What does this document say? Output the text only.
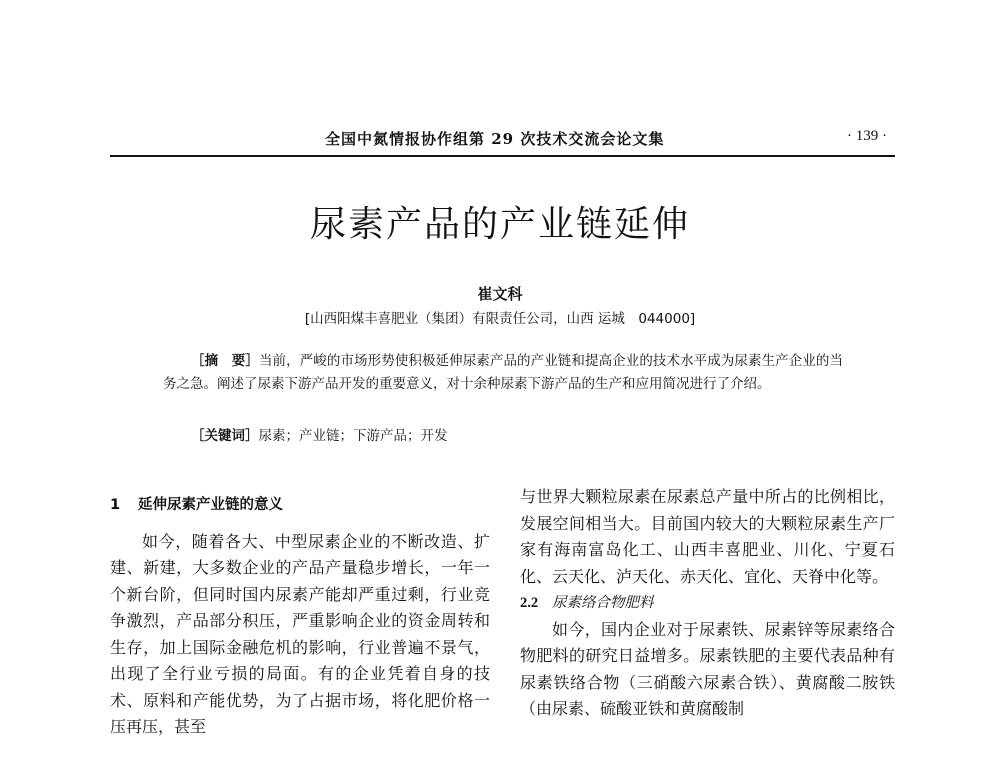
全国中氮情报协作组第 29 次技术交流会论文集	· 139 ·
尿素产品的产业链延伸
崔文科
[山西阳煤丰喜肥业（集团）有限责任公司，山西 运城　044000]
［摘　要］当前，严峻的市场形势使积极延伸尿素产品的产业链和提高企业的技术水平成为尿素生产企业的当务之急。阐述了尿素下游产品开发的重要意义，对十余种尿素下游产品的生产和应用简况进行了介绍。
［关键词］尿素；产业链；下游产品；开发

1 延伸尿素产业链的意义

如今，随着各大、中型尿素企业的不断改造、扩建、新建，大多数企业的产品产量稳步增长，一年一个新台阶，但同时国内尿素产能却严重过剩，行业竞争激烈，产品部分积压，严重影响企业的资金周转和生存，加上国际金融危机的影响，行业普遍不景气，出现了全行业亏损的局面。有的企业凭着自身的技术、原料和产能优势，为了占据市场，将化肥价格一压再压，甚至

与世界大颗粒尿素在尿素总产量中所占的比例相比，发展空间相当大。目前国内较大的大颗粒尿素生产厂家有海南富岛化工、山西丰喜肥业、川化、宁夏石化、云天化、泸天化、赤天化、宜化、天脊中化等。

2.2 尿素络合物肥料

如今，国内企业对于尿素铁、尿素锌等尿素络合物肥料的研究日益增多。尿素铁肥的主要代表品种有尿素铁络合物（三硝酸六尿素合铁）、黄腐酸二胺铁（由尿素、硫酸亚铁和黄腐酸制
